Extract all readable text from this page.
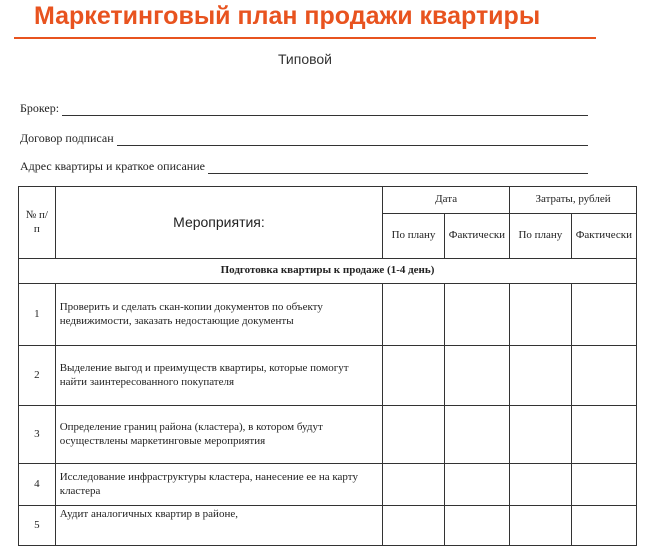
Маркетинговый план продажи квартиры
Типовой
Брокер:
Договор подписан
Адрес квартиры и краткое описание
№ п/п	Мероприятия:	Дата		Затраты, рублей	
		По плану	Фактически	По плану	Фактически
Подготовка квартиры к продаже (1-4 день)					
1	Проверить и сделать скан-копии документов по объекту недвижимости, заказать недостающие документы				
2	Выделение выгод и преимуществ квартиры, которые помогут найти заинтересованного покупателя				
3	Определение границ района (кластера), в котором будут осуществлены маркетинговые мероприятия				
4	Исследование инфраструктуры кластера, нанесение ее на карту кластера				
5	Аудит аналогичных квартир в районе,				
